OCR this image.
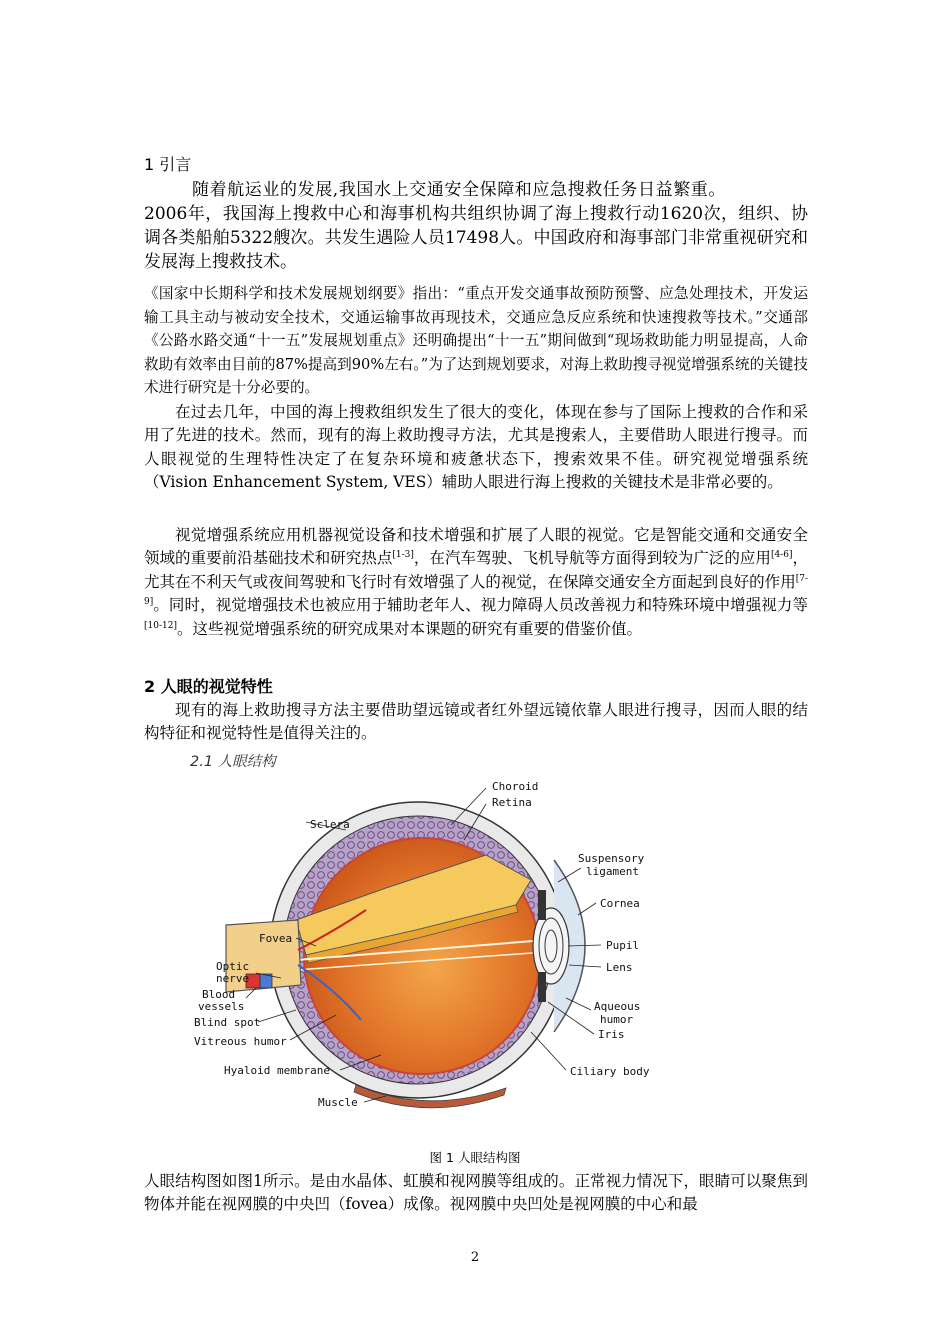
1 引言
随着航运业的发展,我国水上交通安全保障和应急搜救任务日益繁重。
2006年，我国海上搜救中心和海事机构共组织协调了海上搜救行动1620次，组织、协调各类船舶5322艘次。共发生遇险人员17498人。中国政府和海事部门非常重视研究和发展海上搜救技术。
《国家中长期科学和技术发展规划纲要》指出：“重点开发交通事故预防预警、应急处理技术，开发运输工具主动与被动安全技术，交通运输事故再现技术，交通应急反应系统和快速搜救等技术。”交通部《公路水路交通“十一五”发展规划重点》还明确提出“十一五”期间做到“现场救助能力明显提高，人命救助有效率由目前的87%提高到90%左右。”为了达到规划要求，对海上救助搜寻视觉增强系统的关键技术进行研究是十分必要的。
在过去几年，中国的海上搜救组织发生了很大的变化，体现在参与了国际上搜救的合作和采用了先进的技术。然而，现有的海上救助搜寻方法，尤其是搜索人，主要借助人眼进行搜寻。而人眼视觉的生理特性决定了在复杂环境和疲惫状态下，搜索效果不佳。研究视觉增强系统（Vision Enhancement System, VES）辅助人眼进行海上搜救的关键技术是非常必要的。
视觉增强系统应用机器视觉设备和技术增强和扩展了人眼的视觉。它是智能交通和交通安全领域的重要前沿基础技术和研究热点[1-3]，在汽车驾驶、飞机导航等方面得到较为广泛的应用[4-6]，尤其在不利天气或夜间驾驶和飞行时有效增强了人的视觉，在保障交通安全方面起到良好的作用[7-9]。同时，视觉增强技术也被应用于辅助老年人、视力障碍人员改善视力和特殊环境中增强视力等[10-12]。这些视觉增强系统的研究成果对本课题的研究有重要的借鉴价值。
2 人眼的视觉特性
现有的海上救助搜寻方法主要借助望远镜或者红外望远镜依靠人眼进行搜寻，因而人眼的结构特征和视觉特性是值得关注的。
2.1 人眼结构
Choroid
Retina
Sclera
Suspensory
ligament
Cornea
Fovea
Pupil
Optic
nerve
Lens
Blood
vessels	Aqueous
humor
Blind spot
Iris
Vitreous humor
Hyaloid membrane	Ciliary body
Muscle
图 1 人眼结构图
人眼结构图如图1所示。是由水晶体、虹膜和视网膜等组成的。正常视力情况下，眼睛可以聚焦到物体并能在视网膜的中央凹（fovea）成像。视网膜中央凹处是视网膜的中心和最
2
